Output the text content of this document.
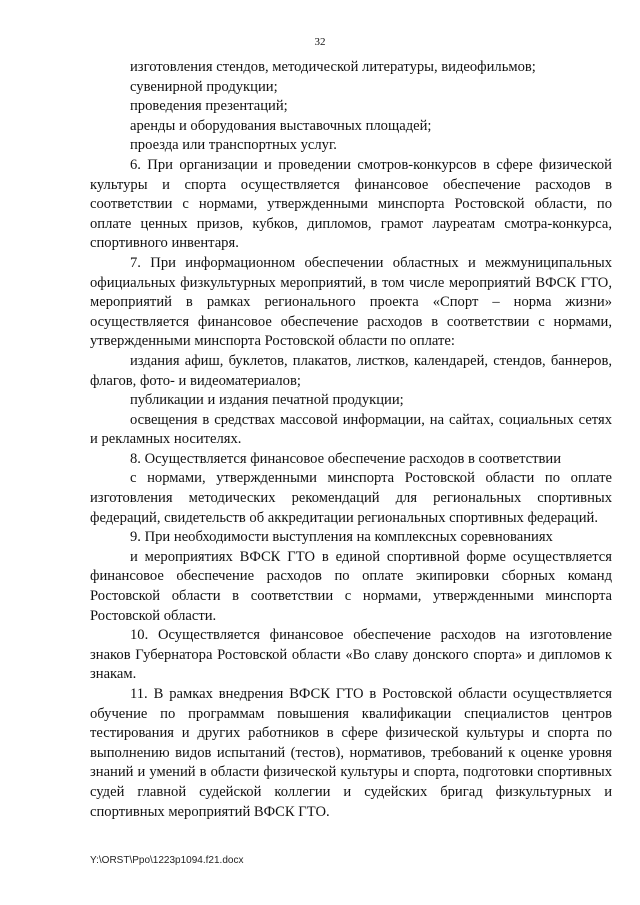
32

изготовления стендов, методической литературы, видеофильмов;

сувенирной продукции;

проведения презентаций;

аренды и оборудования выставочных площадей;

проезда или транспортных услуг.

6. При организации и проведении смотров-конкурсов в сфере физической культуры и спорта осуществляется финансовое обеспечение расходов в соответствии с нормами, утвержденными минспорта Ростовской области, по оплате ценных призов, кубков, дипломов, грамот лауреатам смотра-конкурса, спортивного инвентаря.

7. При информационном обеспечении областных и межмуниципальных официальных физкультурных мероприятий, в том числе мероприятий ВФСК ГТО, мероприятий в рамках регионального проекта «Спорт – норма жизни» осуществляется финансовое обеспечение расходов в соответствии с нормами, утвержденными минспорта Ростовской области по оплате:

издания афиш, буклетов, плакатов, листков, календарей, стендов, баннеров, флагов, фото- и видеоматериалов;

публикации и издания печатной продукции;

освещения в средствах массовой информации, на сайтах, социальных сетях и рекламных носителях.

8. Осуществляется финансовое обеспечение расходов в соответствии

с нормами, утвержденными минспорта Ростовской области по оплате изготовления методических рекомендаций для региональных спортивных федераций, свидетельств об аккредитации региональных спортивных федераций.

9. При необходимости выступления на комплексных соревнованиях

и мероприятиях ВФСК ГТО в единой спортивной форме осуществляется финансовое обеспечение расходов по оплате экипировки сборных команд Ростовской области в соответствии с нормами, утвержденными минспорта Ростовской области.

10. Осуществляется финансовое обеспечение расходов на изготовление знаков Губернатора Ростовской области «Во славу донского спорта» и дипломов к знакам.

11. В рамках внедрения ВФСК ГТО в Ростовской области осуществляется обучение по программам повышения квалификации специалистов центров тестирования и других работников в сфере физической культуры и спорта по выполнению видов испытаний (тестов), нормативов, требований к оценке уровня знаний и умений в области физической культуры и спорта, подготовки спортивных судей главной судейской коллегии и судейских бригад физкультурных и спортивных мероприятий ВФСК ГТО.

Y:\ORST\Ppo\1223p1094.f21.docx
